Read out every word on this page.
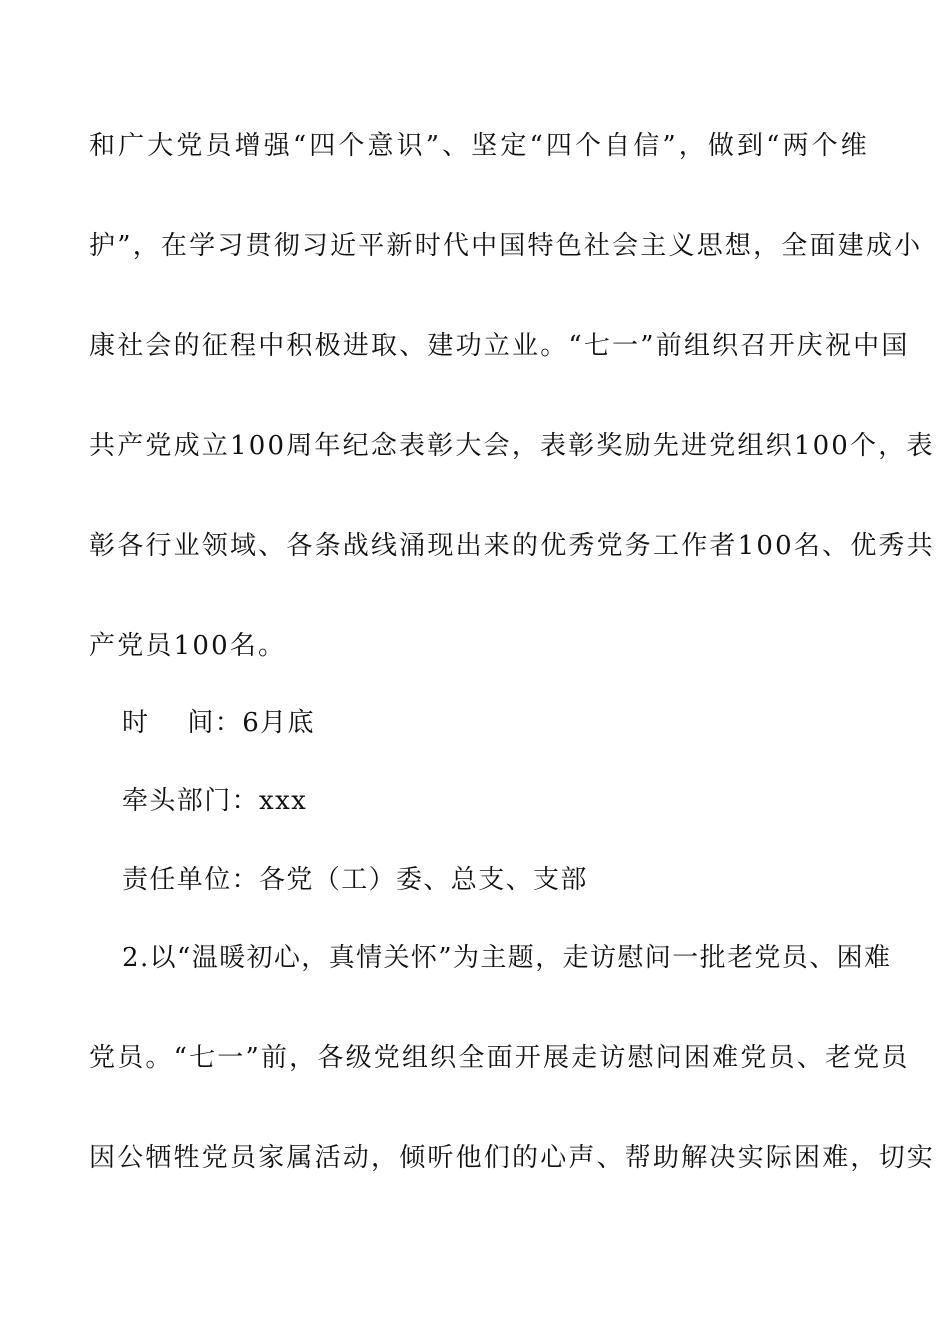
和广大党员增强“四个意识”、坚定“四个自信”，做到“两个维
护”，在学习贯彻习近平新时代中国特色社会主义思想，全面建成小
康社会的征程中积极进取、建功立业。“七一”前组织召开庆祝中国
共产党成立100周年纪念表彰大会，表彰奖励先进党组织100个，表
彰各行业领域、各条战线涌现出来的优秀党务工作者100名、优秀共
产党员100名。
时 间：6月底
牵头部门：xxx
责任单位：各党（工）委、总支、支部
2.以“温暖初心，真情关怀”为主题，走访慰问一批老党员、困难
党员。“七一”前，各级党组织全面开展走访慰问困难党员、老党员
因公牺牲党员家属活动，倾听他们的心声、帮助解决实际困难，切实
